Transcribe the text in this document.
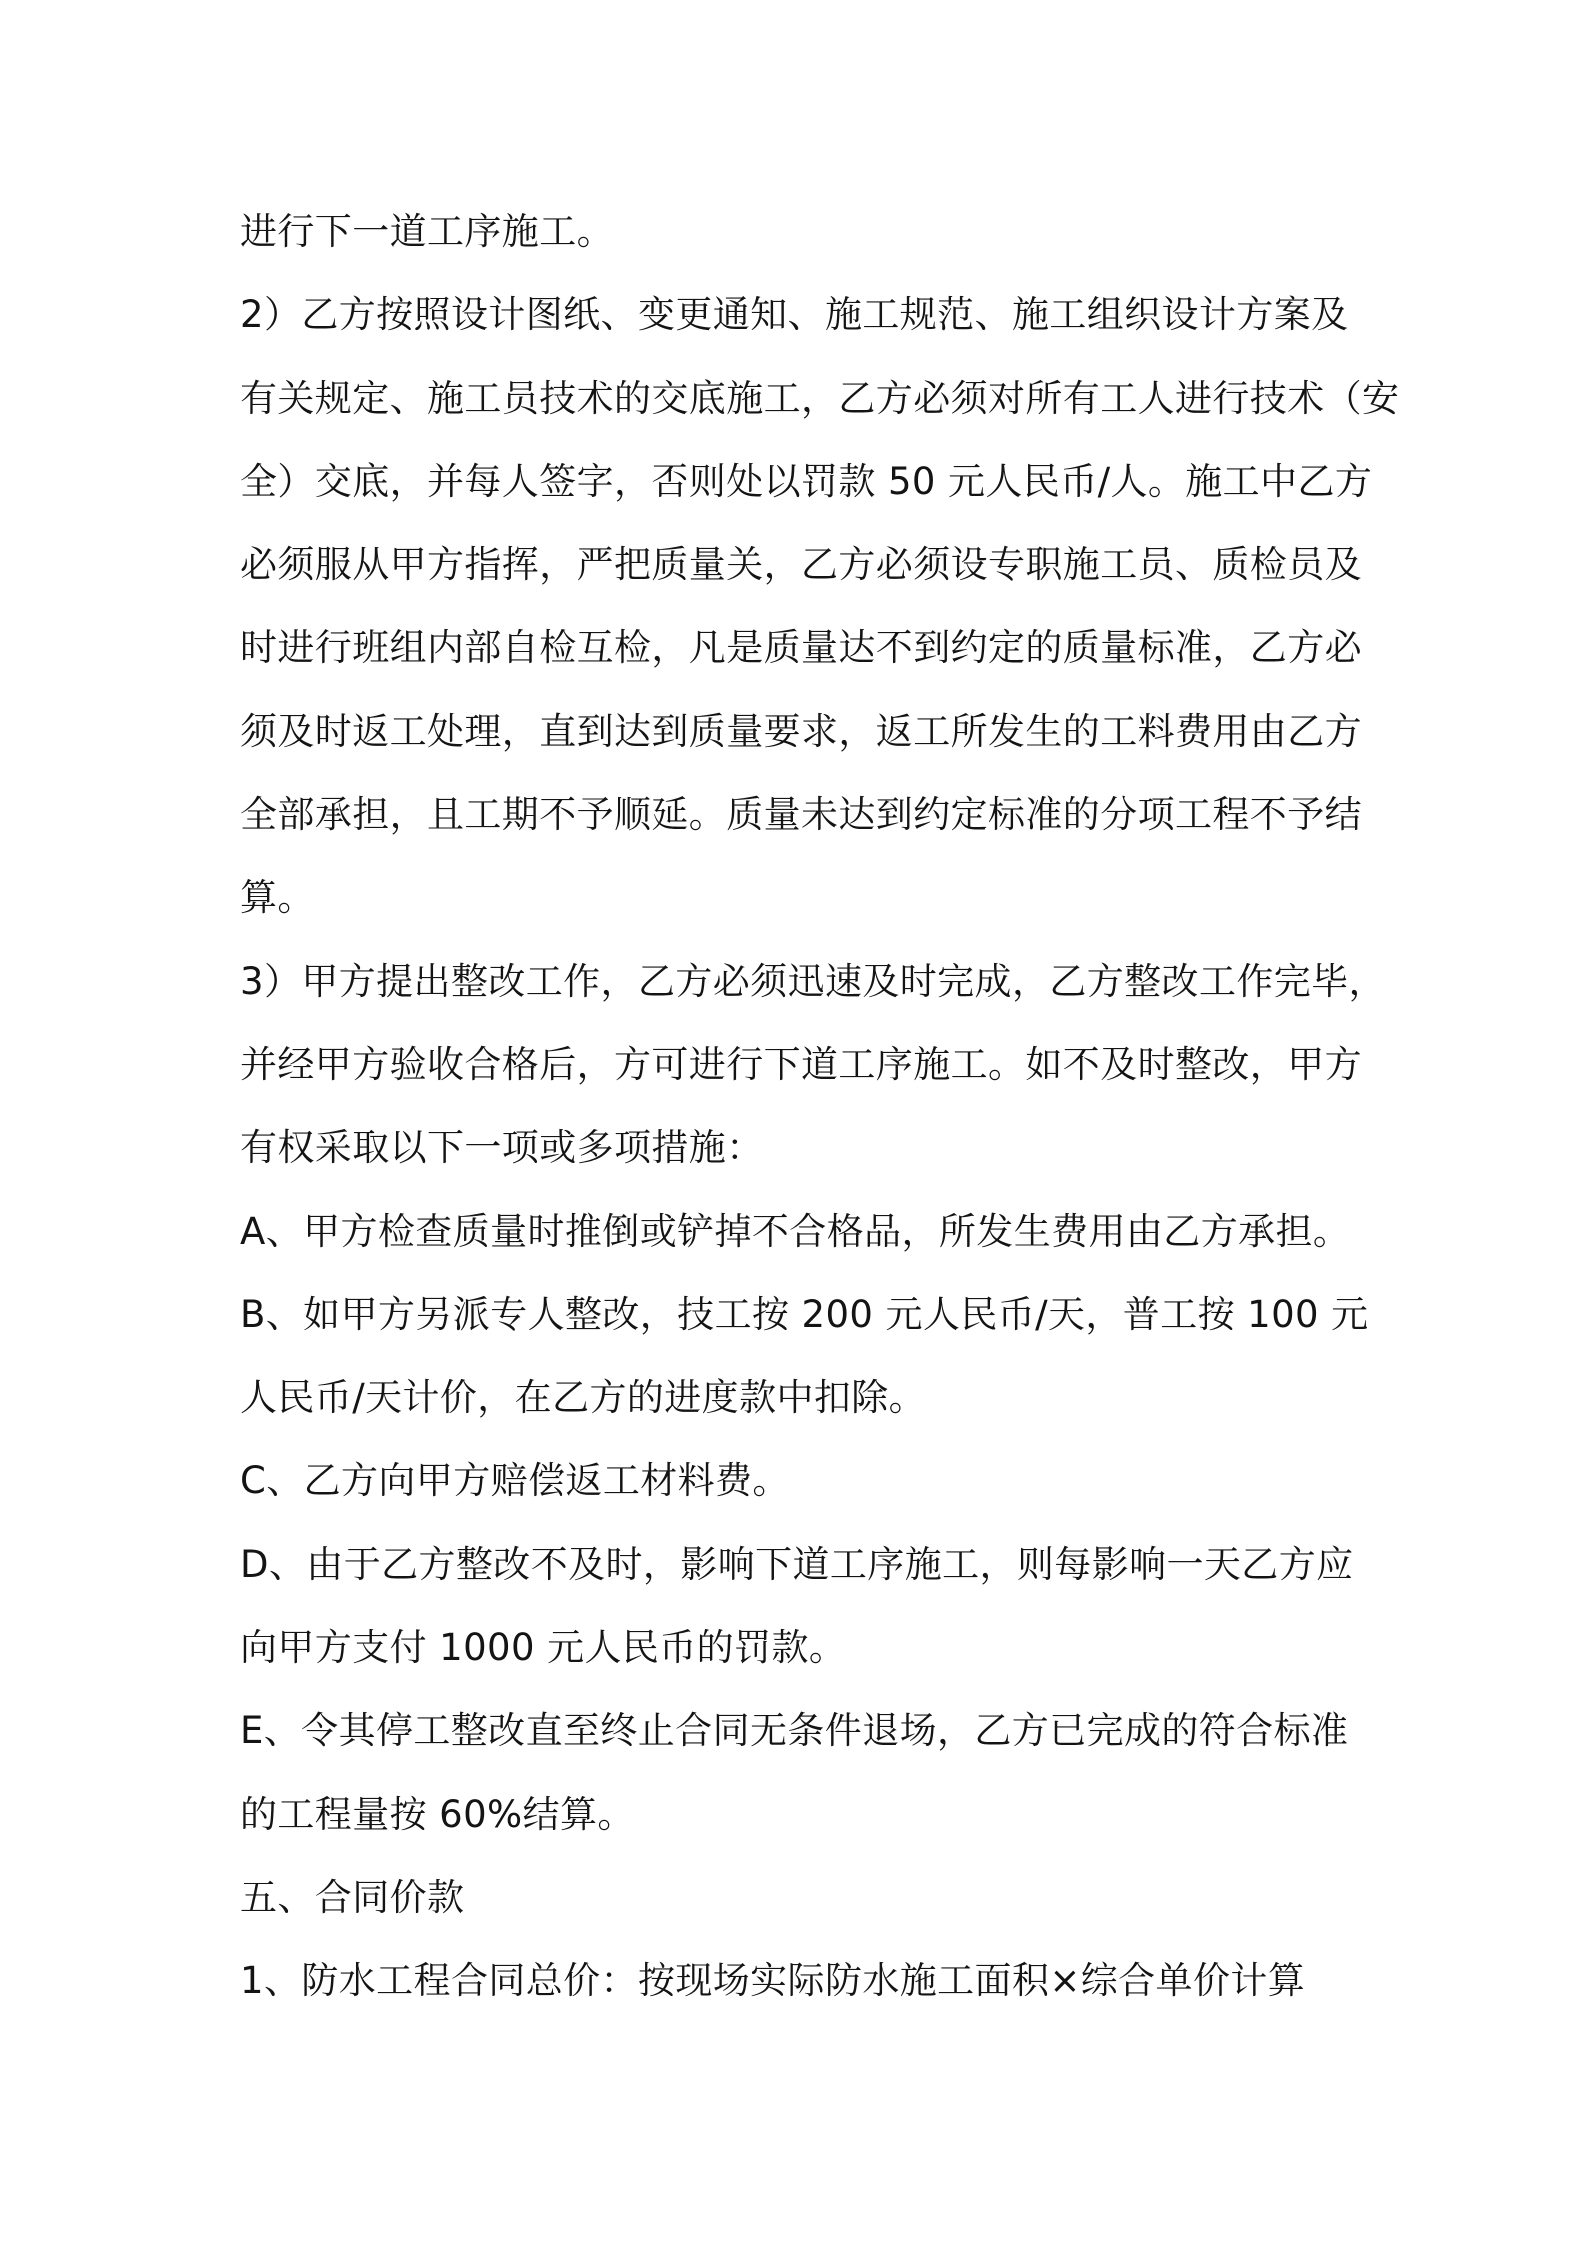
进行下一道工序施工。
2）乙方按照设计图纸、变更通知、施工规范、施工组织设计方案及
有关规定、施工员技术的交底施工，乙方必须对所有工人进行技术（安
全）交底，并每人签字，否则处以罚款 50 元人民币/人。施工中乙方
必须服从甲方指挥，严把质量关，乙方必须设专职施工员、质检员及
时进行班组内部自检互检，凡是质量达不到约定的质量标准，乙方必
须及时返工处理，直到达到质量要求，返工所发生的工料费用由乙方
全部承担，且工期不予顺延。质量未达到约定标准的分项工程不予结
算。
3）甲方提出整改工作，乙方必须迅速及时完成，乙方整改工作完毕，
并经甲方验收合格后，方可进行下道工序施工。如不及时整改，甲方
有权采取以下一项或多项措施：
A、甲方检查质量时推倒或铲掉不合格品，所发生费用由乙方承担。
B、如甲方另派专人整改，技工按 200 元人民币/天，普工按 100 元
人民币/天计价，在乙方的进度款中扣除。
C、乙方向甲方赔偿返工材料费。
D、由于乙方整改不及时，影响下道工序施工，则每影响一天乙方应
向甲方支付 1000 元人民币的罚款。
E、令其停工整改直至终止合同无条件退场，乙方已完成的符合标准
的工程量按 60%结算。
五、合同价款
1、防水工程合同总价：按现场实际防水施工面积×综合单价计算
